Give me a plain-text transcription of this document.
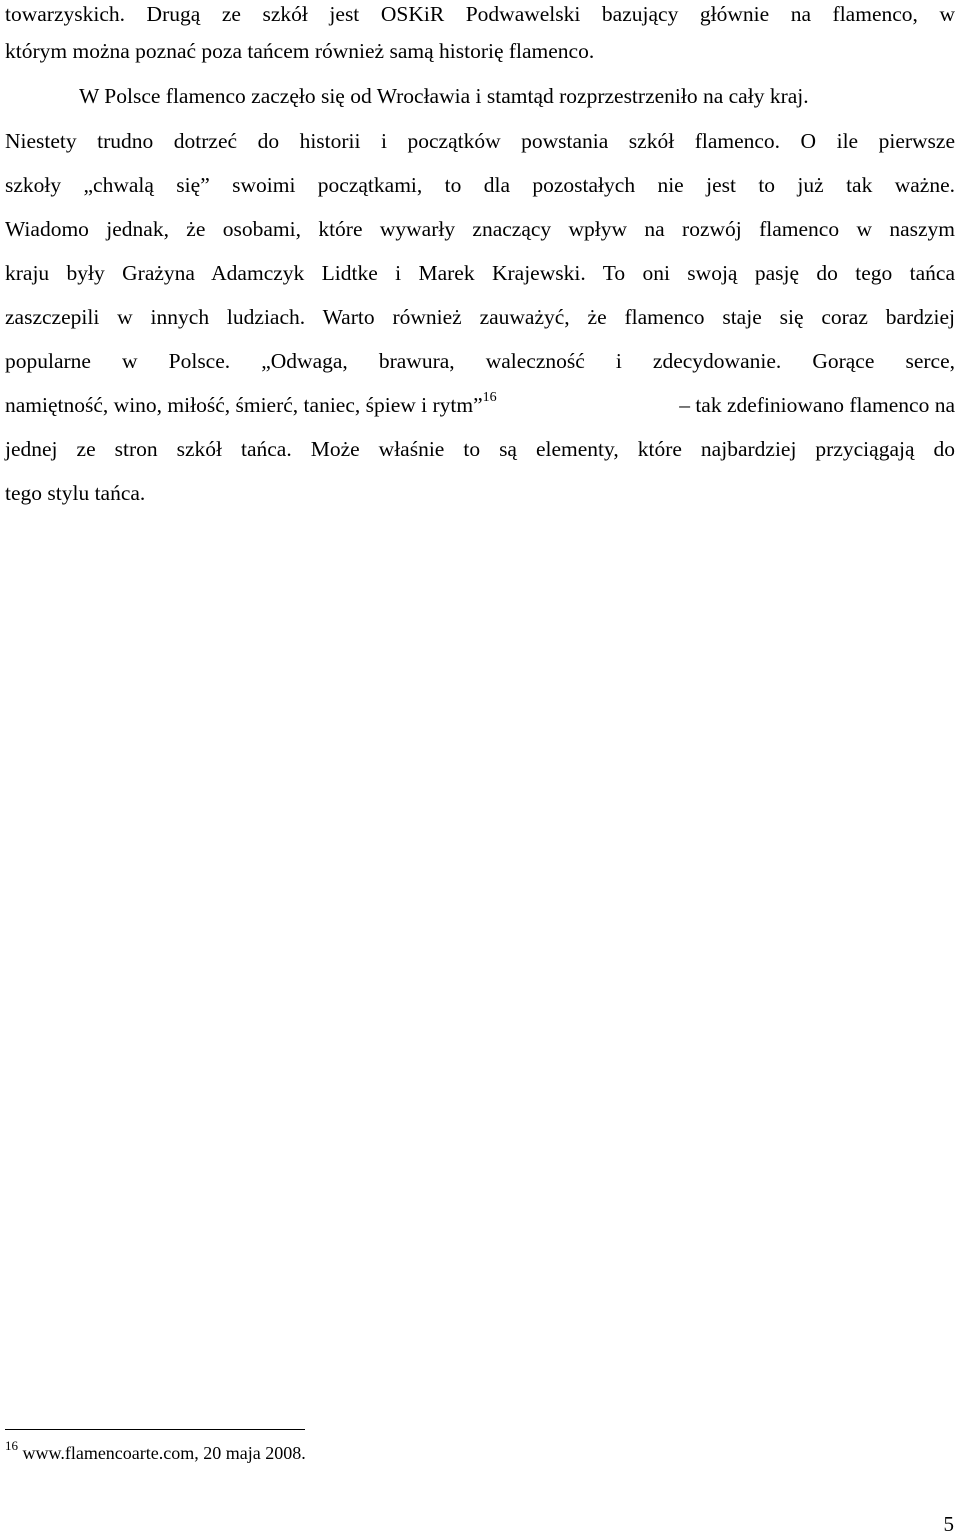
towarzyskich. Drugą ze szkół jest OSKiR Podwawelski bazujący głównie na flamenco, w
którym można poznać poza tańcem również samą historię flamenco.
W Polsce flamenco zaczęło się od Wrocławia i stamtąd rozprzestrzeniło na cały kraj.
Niestety trudno dotrzeć do historii i początków powstania szkół flamenco. O ile pierwsze
szkoły „chwalą się” swoimi początkami, to dla pozostałych nie jest to już tak ważne.
Wiadomo jednak, że osobami, które wywarły znaczący wpływ na rozwój flamenco w naszym
kraju były Grażyna Adamczyk Lidtke i Marek Krajewski. To oni swoją pasję do tego tańca
zaszczepili w innych ludziach. Warto również zauważyć, że flamenco staje się coraz bardziej
popularne w Polsce. „Odwaga, brawura, waleczność i zdecydowanie. Gorące serce,
namiętność, wino, miłość, śmierć, taniec, śpiew i rytm”$^{16}$	– tak zdefiniowano flamenco na
jednej ze stron szkół tańca. Może właśnie to są elementy, które najbardziej przyciągają do
tego stylu tańca.
$^{16}$ www.flamencoarte.com, 20 maja 2008.
5
